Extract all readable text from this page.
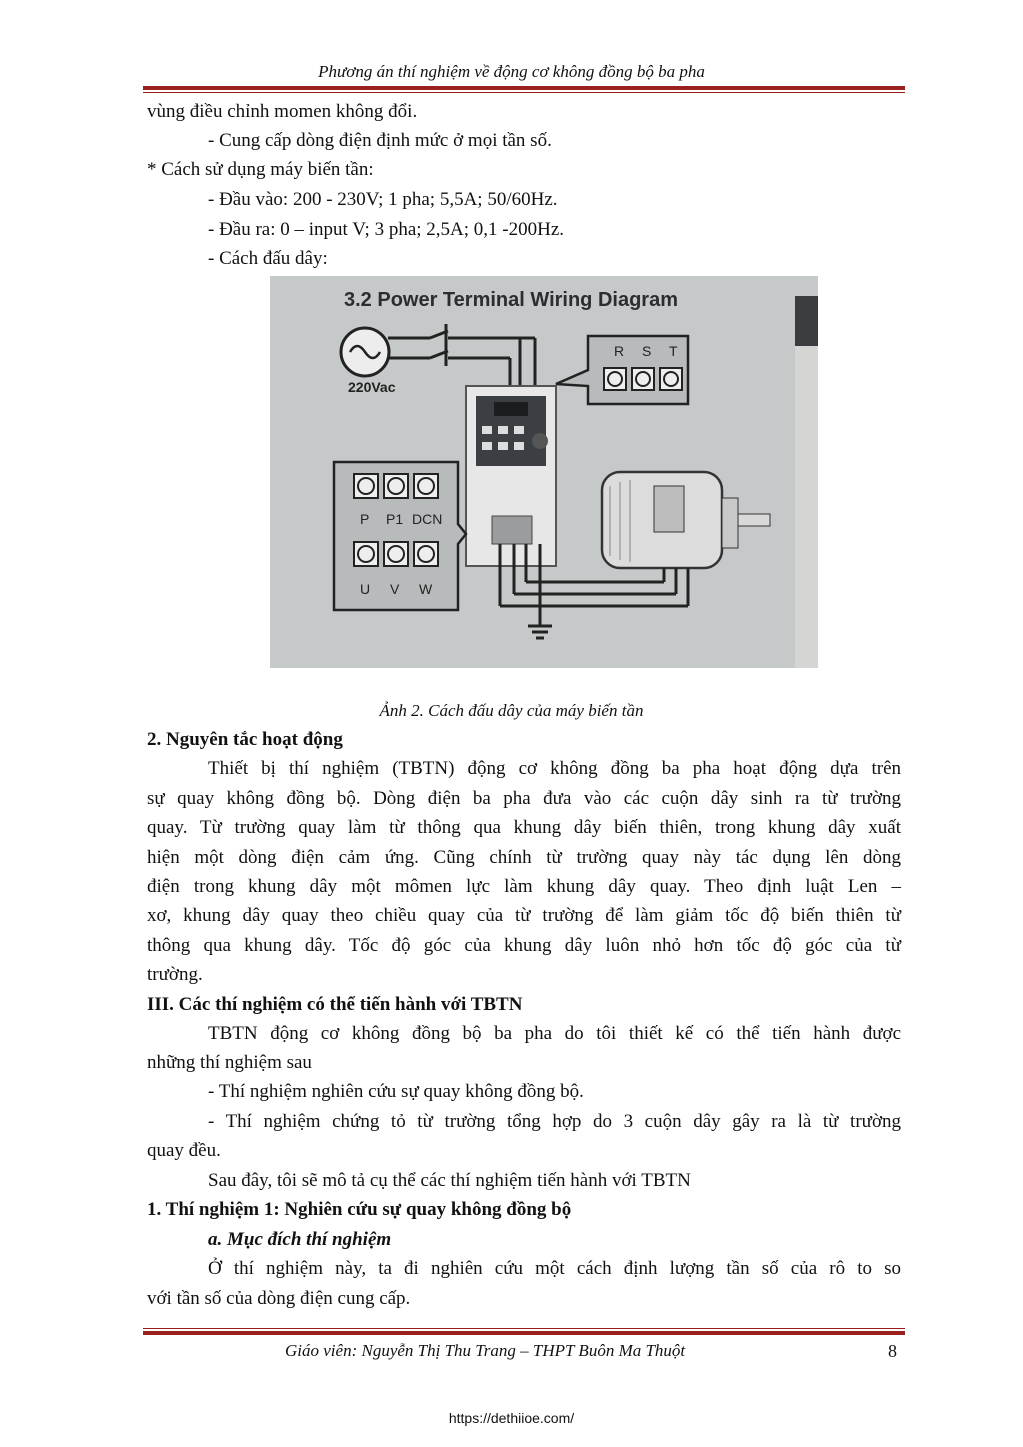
Phương án thí nghiệm về động cơ không đồng bộ ba pha
vùng điều chỉnh momen không đổi.
- Cung cấp dòng điện định mức ở mọi tần số.
* Cách sử dụng máy biến tần:
- Đầu vào: 200 - 230V; 1 pha; 5,5A; 50/60Hz.
- Đầu ra: 0 – input V; 3 pha; 2,5A; 0,1 -200Hz.
- Cách đấu dây:
3.2 Power Terminal Wiring Diagram
220Vac
R S T
P P1 DCN
U V W
Ảnh 2. Cách đấu dây của máy biến tần
2. Nguyên tắc hoạt động
Thiết bị thí nghiệm (TBTN) động cơ không đồng ba pha hoạt động dựa trên
sự quay không đồng bộ. Dòng điện ba pha đưa vào các cuộn dây sinh ra từ trường
quay. Từ trường quay làm từ thông qua khung dây biến thiên, trong khung dây xuất
hiện một dòng điện cảm ứng. Cũng chính từ trường quay này tác dụng lên dòng
điện trong khung dây một mômen lực làm khung dây quay. Theo định luật Len –
xơ, khung dây quay theo chiều quay của từ trường để làm giảm tốc độ biến thiên từ
thông qua khung dây. Tốc độ góc của khung dây luôn nhỏ hơn tốc độ góc của từ
trường.
III. Các thí nghiệm có thể tiến hành với TBTN
TBTN động cơ không đồng bộ ba pha do tôi thiết kế có thể tiến hành được
những thí nghiệm sau
- Thí nghiệm nghiên cứu sự quay không đồng bộ.
- Thí nghiệm chứng tỏ từ trường tổng hợp do 3 cuộn dây gây ra là từ trường
quay đều.
Sau đây, tôi sẽ mô tả cụ thể các thí nghiệm tiến hành với TBTN
1. Thí nghiệm 1: Nghiên cứu sự quay không đồng bộ
a. Mục đích thí nghiệm
Ở thí nghiệm này, ta đi nghiên cứu một cách định lượng tần số của rô to so
với tần số của dòng điện cung cấp.
Giáo viên: Nguyễn Thị Thu Trang – THPT Buôn Ma Thuột	8
https://dethiioe.com/
